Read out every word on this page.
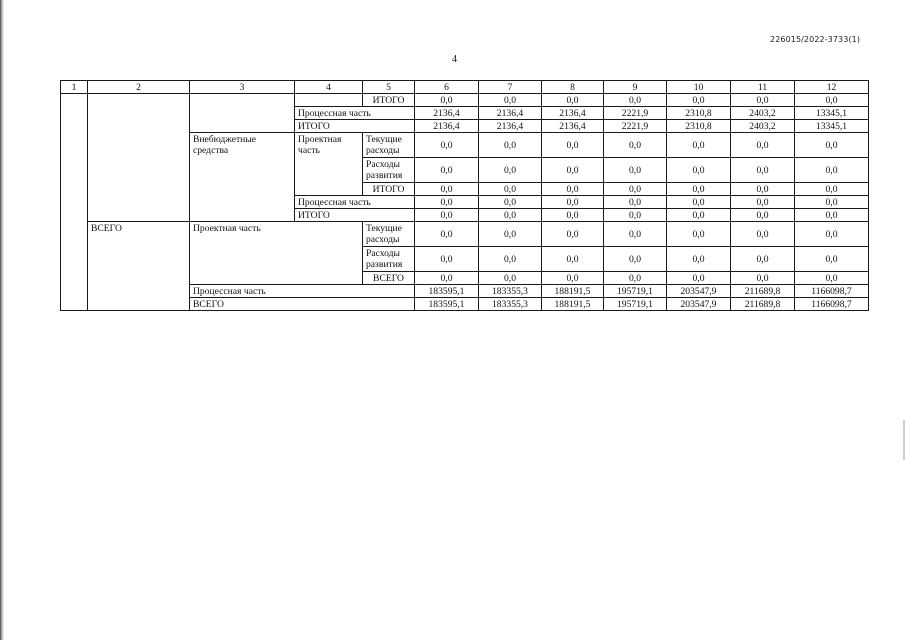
226015/2022-3733(1)
4
1	2	3	4	5	6	7	8	9	10	11	12
				ИТОГО	0,0	0,0	0,0	0,0	0,0	0,0	0,0
			Процессная часть		2136,4	2136,4	2136,4	2221,9	2310,8	2403,2	13345,1
			ИТОГО		2136,4	2136,4	2136,4	2221,9	2310,8	2403,2	13345,1
		Внебюджетные средства	Проектная часть	Текущие расходы	0,0	0,0	0,0	0,0	0,0	0,0	0,0
				Расходы развития	0,0	0,0	0,0	0,0	0,0	0,0	0,0
				ИТОГО	0,0	0,0	0,0	0,0	0,0	0,0	0,0
			Процессная часть		0,0	0,0	0,0	0,0	0,0	0,0	0,0
			ИТОГО		0,0	0,0	0,0	0,0	0,0	0,0	0,0
	ВСЕГО	Проектная часть		Текущие расходы	0,0	0,0	0,0	0,0	0,0	0,0	0,0
				Расходы развития	0,0	0,0	0,0	0,0	0,0	0,0	0,0
				ВСЕГО	0,0	0,0	0,0	0,0	0,0	0,0	0,0
		Процессная часть			183595,1	183355,3	188191,5	195719,1	203547,9	211689,8	1166098,7
		ВСЕГО			183595,1	183355,3	188191,5	195719,1	203547,9	211689,8	1166098,7
